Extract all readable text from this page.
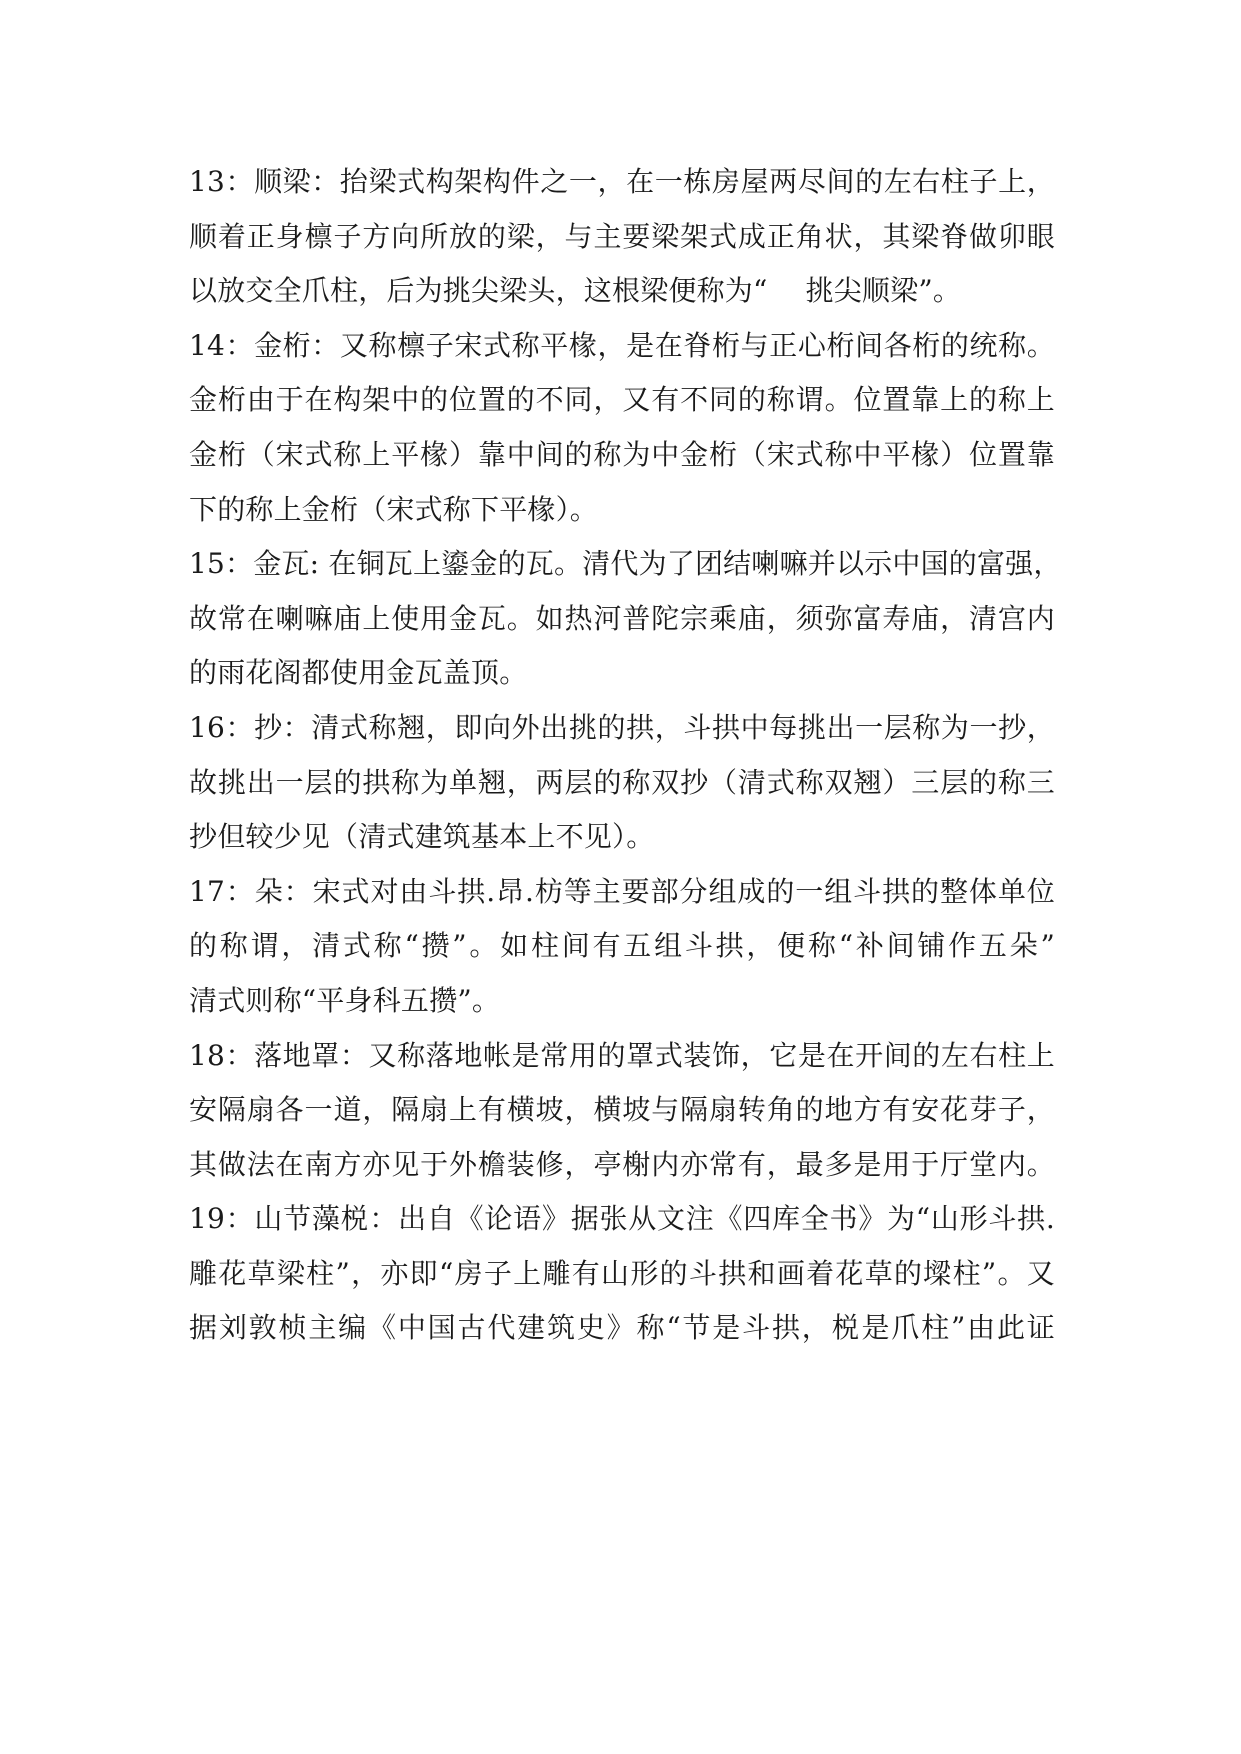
13：顺梁：抬梁式构架构件之一，在一栋房屋两尽间的左右柱子上，
顺着正身檩子方向所放的梁，与主要梁架式成正角状，其梁脊做卯眼
以放交全爪柱，后为挑尖梁头，这根梁便称为“ 挑尖顺梁”。
14：金桁：又称檩子宋式称平椽，是在脊桁与正心桁间各桁的统称。
金桁由于在构架中的位置的不同，又有不同的称谓。位置靠上的称上
金桁（宋式称上平椽）靠中间的称为中金桁（宋式称中平椽）位置靠
下的称上金桁（宋式称下平椽）。
15：金瓦: 在铜瓦上鎏金的瓦。清代为了团结喇嘛并以示中国的富强，
故常在喇嘛庙上使用金瓦。如热河普陀宗乘庙，须弥富寿庙，清宫内
的雨花阁都使用金瓦盖顶。
16：抄：清式称翘，即向外出挑的拱，斗拱中每挑出一层称为一抄，
故挑出一层的拱称为单翘，两层的称双抄（清式称双翘）三层的称三
抄但较少见（清式建筑基本上不见）。
17：朵：宋式对由斗拱.昂.枋等主要部分组成的一组斗拱的整体单位
的称谓，清式称“攒”。如柱间有五组斗拱，便称“补间铺作五朵”
清式则称“平身科五攒”。
18：落地罩：又称落地帐是常用的罩式装饰，它是在开间的左右柱上
安隔扇各一道，隔扇上有横坡，横坡与隔扇转角的地方有安花芽子，
其做法在南方亦见于外檐装修，亭榭内亦常有，最多是用于厅堂内。
19：山节藻棁：出自《论语》据张从文注《四库全书》为“山形斗拱.
雕花草梁柱”，亦即“房子上雕有山形的斗拱和画着花草的墚柱”。又
据刘敦桢主编《中国古代建筑史》称“节是斗拱，棁是爪柱”由此证
